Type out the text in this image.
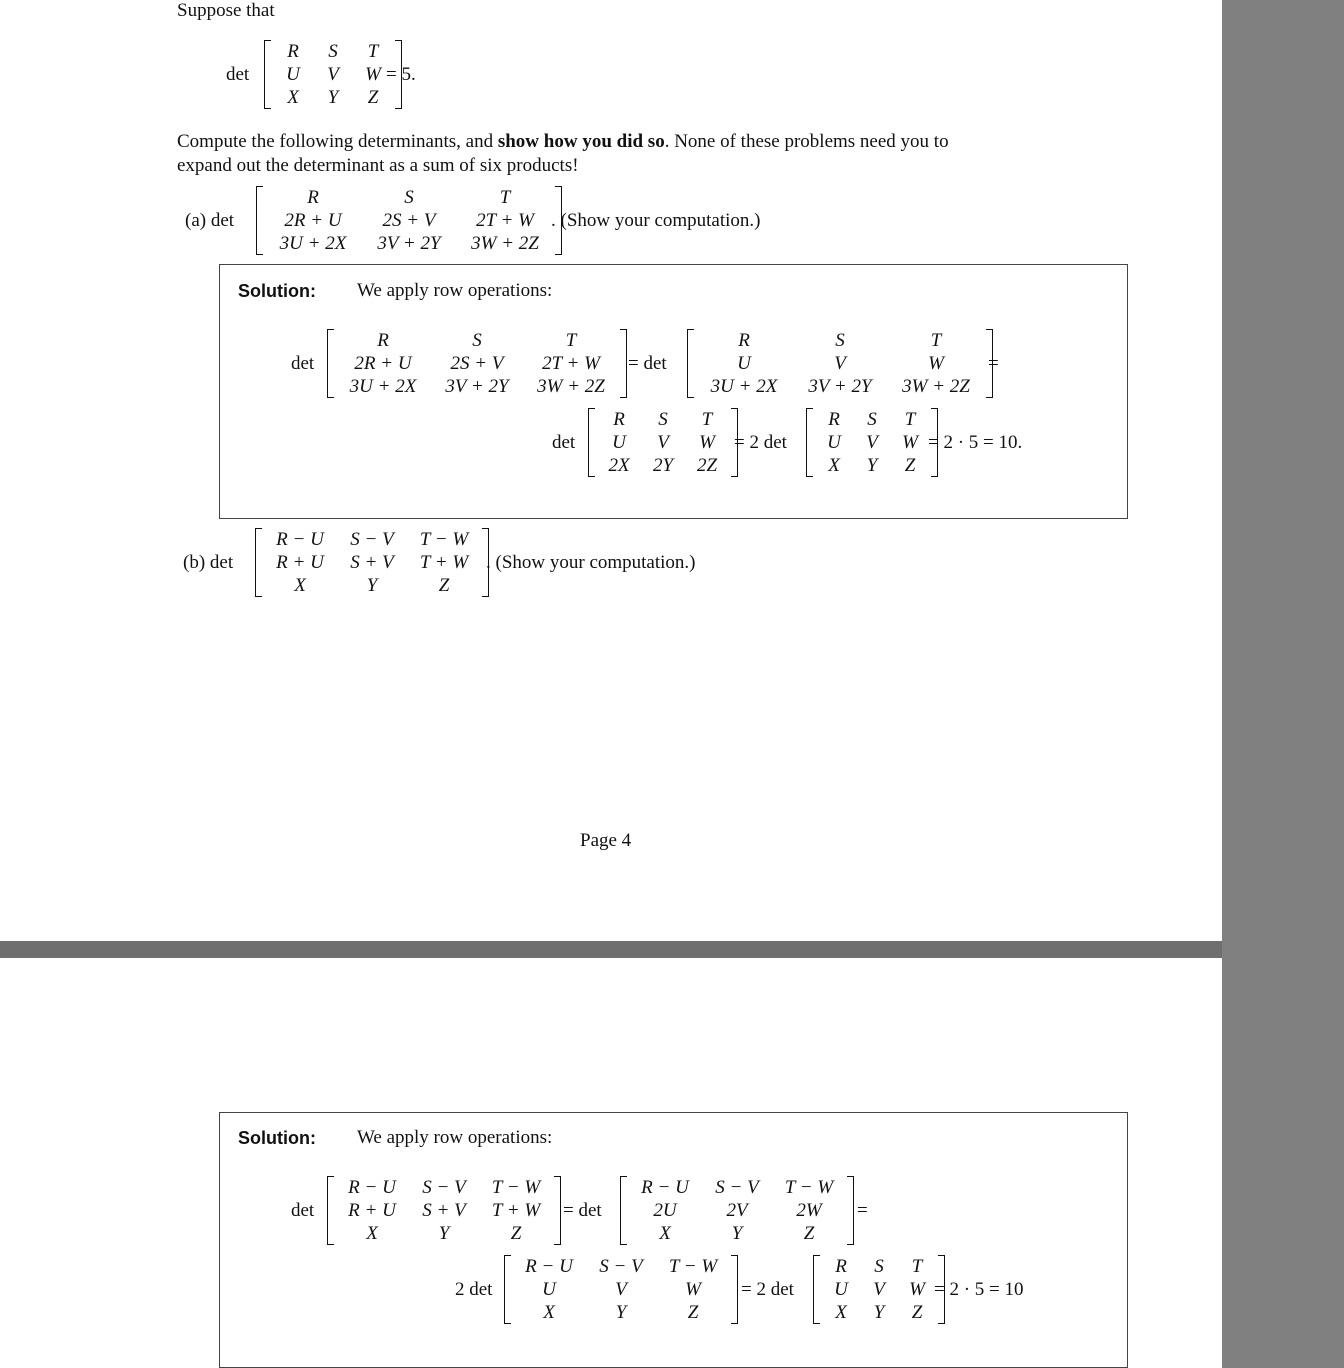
Suppose that
det
R	S	T
U	V	W
X	Y	Z
= 5.
Compute the following determinants, and show how you did so. None of these problems need you to
expand out the determinant as a sum of six products!
(a) det
R	S	T
2R + U	2S + V	2T + W
3U + 2X	3V + 2Y	3W + 2Z
. (Show your computation.)
Solution: We apply row operations:
det
R	S	T
2R + U	2S + V	2T + W
3U + 2X	3V + 2Y	3W + 2Z
= det
R	S	T
U	V	W
3U + 2X	3V + 2Y	3W + 2Z
=
det
R	S	T
U	V	W
2X	2Y	2Z
= 2 det
R	S	T
U	V	W
X	Y	Z
= 2 · 5 = 10.
(b) det
R − U	S − V	T − W
R + U	S + V	T + W
X	Y	Z
. (Show your computation.)
Page 4
Solution: We apply row operations:
det
R − U	S − V	T − W
R + U	S + V	T + W
X	Y	Z
= det
R − U	S − V	T − W
2U	2V	2W
X	Y	Z
=
2 det
R − U	S − V	T − W
U	V	W
X	Y	Z
= 2 det
R	S	T
U	V	W
X	Y	Z
= 2 · 5 = 10
